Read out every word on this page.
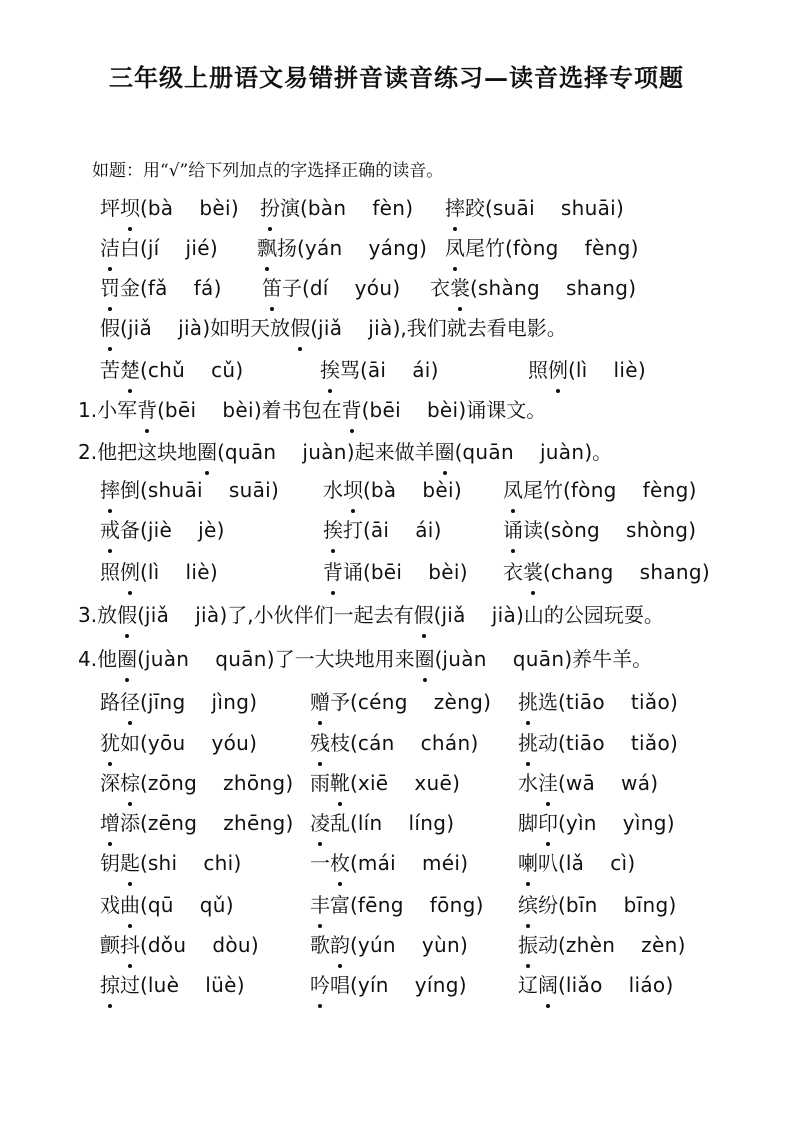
三年级上册语文易错拼音读音练习—读音选择专项题
如题：用“√”给下列加点的字选择正确的读音。
坪坝(bà bèi) 扮演(bàn fèn) 摔跤(suāi shuāi)
洁白(jí jié) 飘扬(yán yáng) 凤尾竹(fòng fèng)
罚金(fǎ fá) 笛子(dí yóu) 衣裳(shàng shang)
假(jiǎ jià)如明天放假(jiǎ jià),我们就去看电影。
苦楚(chǔ cǔ)	挨骂(āi ái)	照例(lì liè)
1.小军背(bēi bèi)着书包在背(bēi bèi)诵课文。
2.他把这块地圈(quān juàn)起来做羊圈(quān juàn)。
摔倒(shuāi suāi) 水坝(bà bèi) 凤尾竹(fòng fèng)
戒备(jiè jè)	挨打(āi ái)	诵读(sòng shòng)
照例(lì liè)	背诵(bēi bèi) 衣裳(chang shang)
3.放假(jiǎ jià)了,小伙伴们一起去有假(jiǎ jià)山的公园玩耍。
4.他圈(juàn quān)了一大块地用来圈(juàn quān)养牛羊。
路径(jīng jìng)	赠予(céng zèng) 挑选(tiāo tiǎo)
犹如(yōu yóu)	残枝(cán chán) 挑动(tiāo tiǎo)
深棕(zōng zhōng) 雨靴(xiē xuē)	水洼(wā wá)
增添(zēng zhēng) 凌乱(lín líng)	脚印(yìn yìng)
钥匙(shi chi)	一枚(mái méi) 喇叭(lǎ cì)
戏曲(qū qǔ)	丰富(fēng fōng) 缤纷(bīn bīng)
颤抖(dǒu dòu)	歌韵(yún yùn)	振动(zhèn zèn)
掠过(luè lüè)	吟唱(yín yíng)	辽阔(liǎo liáo)
